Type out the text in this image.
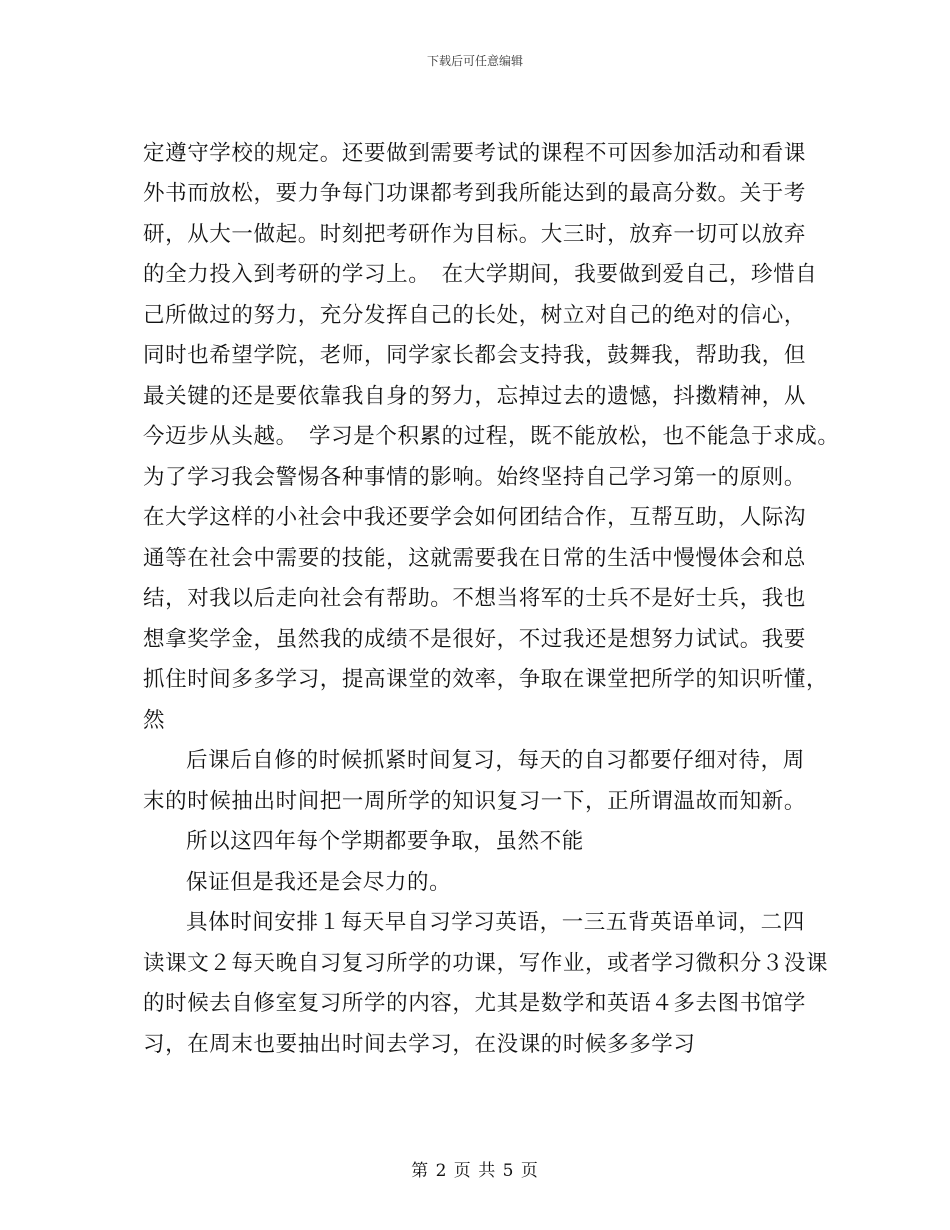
下载后可任意编辑
定遵守学校的规定。还要做到需要考试的课程不可因参加活动和看课
外书而放松，要力争每门功课都考到我所能达到的最高分数。关于考
研，从大一做起。时刻把考研作为目标。大三时，放弃一切可以放弃
的全力投入到考研的学习上。　在大学期间，我要做到爱自己，珍惜自
己所做过的努力，充分发挥自己的长处，树立对自己的绝对的信心，
同时也希望学院，老师，同学家长都会支持我，鼓舞我，帮助我，但
最关键的还是要依靠我自身的努力，忘掉过去的遗憾，抖擞精神，从
今迈步从头越。　学习是个积累的过程，既不能放松，也不能急于求成。
为了学习我会警惕各种事情的影响。始终坚持自己学习第一的原则。
在大学这样的小社会中我还要学会如何团结合作，互帮互助，人际沟
通等在社会中需要的技能，这就需要我在日常的生活中慢慢体会和总
结，对我以后走向社会有帮助。不想当将军的士兵不是好士兵，我也
想拿奖学金，虽然我的成绩不是很好，不过我还是想努力试试。我要
抓住时间多多学习，提高课堂的效率，争取在课堂把所学的知识听懂，
然
后课后自修的时候抓紧时间复习，每天的自习都要仔细对待，周
末的时候抽出时间把一周所学的知识复习一下，正所谓温故而知新。
所以这四年每个学期都要争取，虽然不能
保证但是我还是会尽力的。
具体时间安排１每天早自习学习英语，一三五背英语单词，二四
读课文２每天晚自习复习所学的功课，写作业，或者学习微积分３没课
的时候去自修室复习所学的内容，尤其是数学和英语４多去图书馆学
习，在周末也要抽出时间去学习，在没课的时候多多学习
第 2 页 共 5 页
